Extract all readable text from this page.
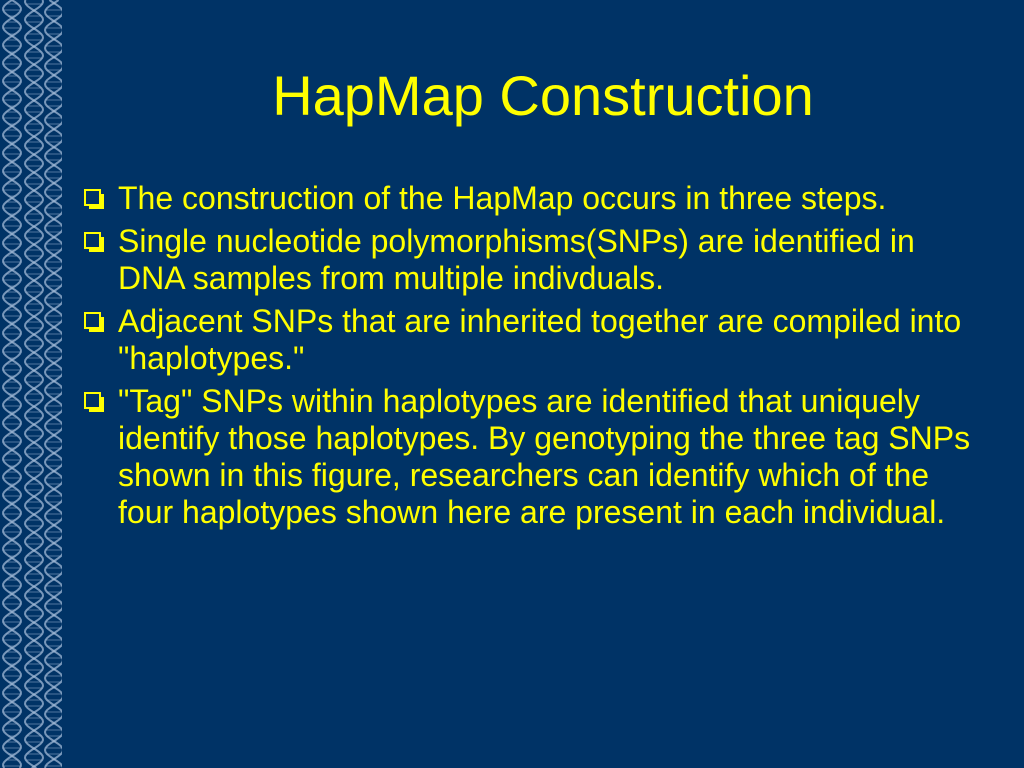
HapMap Construction
The construction of the HapMap occurs in three steps.
Single nucleotide polymorphisms(SNPs) are identified in DNA samples from multiple indivduals.
Adjacent SNPs that are inherited together are compiled into "haplotypes."
"Tag" SNPs within haplotypes are identified that uniquely identify those haplotypes. By genotyping the three tag SNPs shown in this figure, researchers can identify which of the four haplotypes shown here are present in each individual.
